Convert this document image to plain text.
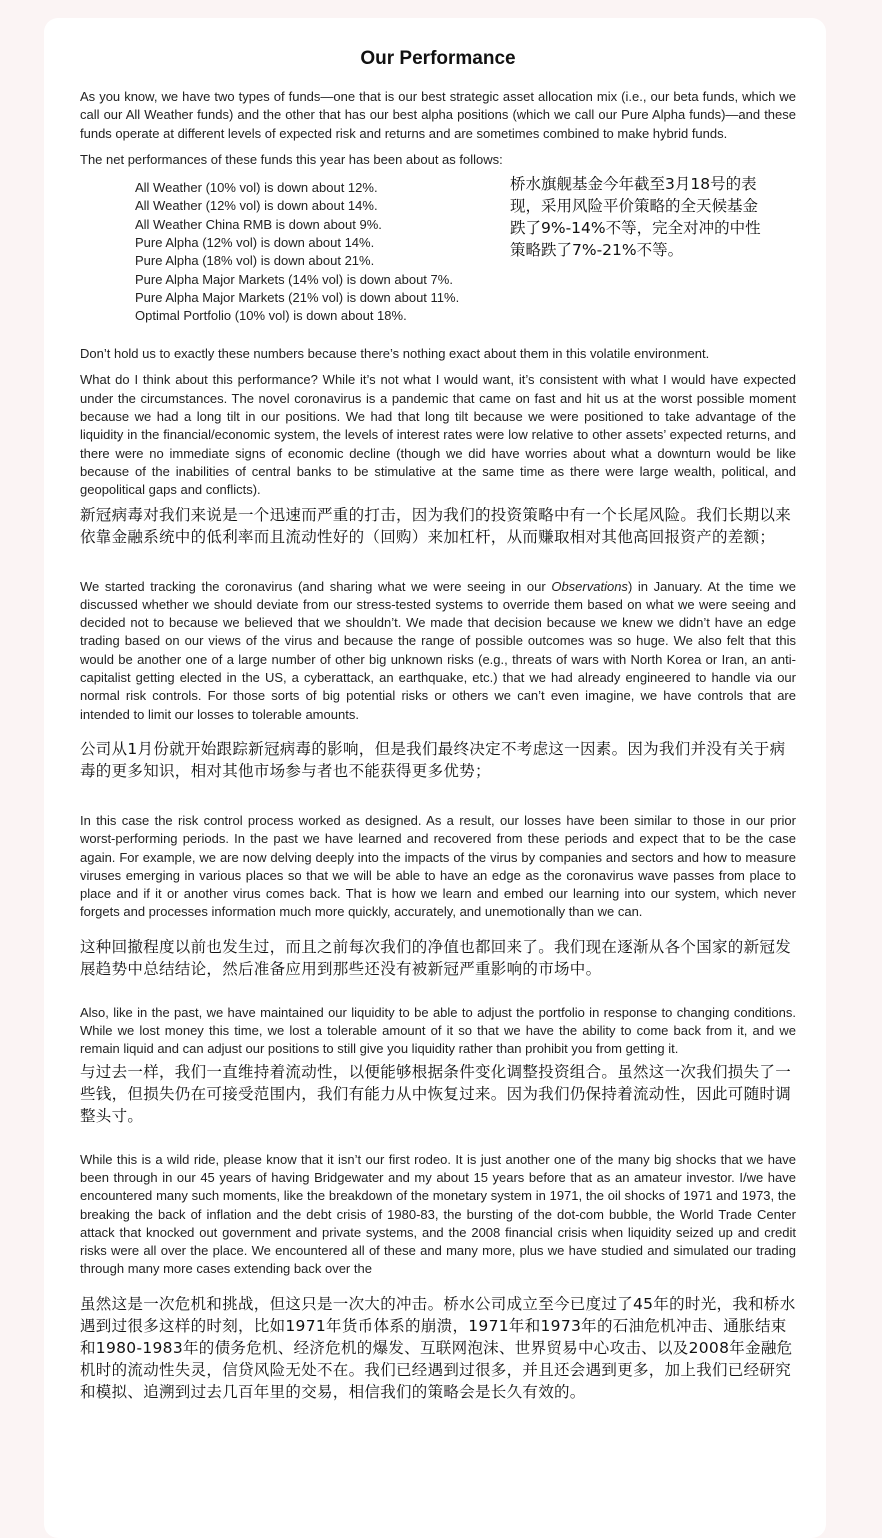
Our Performance

As you know, we have two types of funds—one that is our best strategic asset allocation mix (i.e., our beta funds, which we call our All Weather funds) and the other that has our best alpha positions (which we call our Pure Alpha funds)—and these funds operate at different levels of expected risk and returns and are sometimes combined to make hybrid funds.

The net performances of these funds this year has been about as follows:

All Weather (10% vol) is down about 12%.
All Weather (12% vol) is down about 14%.
All Weather China RMB is down about 9%.
Pure Alpha (12% vol) is down about 14%.
Pure Alpha (18% vol) is down about 21%.
Pure Alpha Major Markets (14% vol) is down about 7%.
Pure Alpha Major Markets (21% vol) is down about 11%.
Optimal Portfolio (10% vol) is down about 18%.
桥水旗舰基金今年截至3月18号的表现，采用风险平价策略的全天候基金跌了9%-14%不等，完全对冲的中性策略跌了7%-21%不等。

Don’t hold us to exactly these numbers because there’s nothing exact about them in this volatile environment.

What do I think about this performance? While it’s not what I would want, it’s consistent with what I would have expected under the circumstances. The novel coronavirus is a pandemic that came on fast and hit us at the worst possible moment because we had a long tilt in our positions. We had that long tilt because we were positioned to take advantage of the liquidity in the financial/economic system, the levels of interest rates were low relative to other assets’ expected returns, and there were no immediate signs of economic decline (though we did have worries about what a downturn would be like because of the inabilities of central banks to be stimulative at the same time as there were large wealth, political, and geopolitical gaps and conflicts).

新冠病毒对我们来说是一个迅速而严重的打击，因为我们的投资策略中有一个长尾风险。我们长期以来依靠金融系统中的低利率而且流动性好的（回购）来加杠杆，从而赚取相对其他高回报资产的差额；

We started tracking the coronavirus (and sharing what we were seeing in our Observations) in January. At the time we discussed whether we should deviate from our stress-tested systems to override them based on what we were seeing and decided not to because we believed that we shouldn’t. We made that decision because we knew we didn’t have an edge trading based on our views of the virus and because the range of possible outcomes was so huge. We also felt that this would be another one of a large number of other big unknown risks (e.g., threats of wars with North Korea or Iran, an anti-capitalist getting elected in the US, a cyberattack, an earthquake, etc.) that we had already engineered to handle via our normal risk controls. For those sorts of big potential risks or others we can’t even imagine, we have controls that are intended to limit our losses to tolerable amounts.

公司从1月份就开始跟踪新冠病毒的影响，但是我们最终决定不考虑这一因素。因为我们并没有关于病毒的更多知识，相对其他市场参与者也不能获得更多优势；

In this case the risk control process worked as designed. As a result, our losses have been similar to those in our prior worst-performing periods. In the past we have learned and recovered from these periods and expect that to be the case again. For example, we are now delving deeply into the impacts of the virus by companies and sectors and how to measure viruses emerging in various places so that we will be able to have an edge as the coronavirus wave passes from place to place and if it or another virus comes back. That is how we learn and embed our learning into our system, which never forgets and processes information much more quickly, accurately, and unemotionally than we can.

这种回撤程度以前也发生过，而且之前每次我们的净值也都回来了。我们现在逐渐从各个国家的新冠发展趋势中总结结论，然后准备应用到那些还没有被新冠严重影响的市场中。

Also, like in the past, we have maintained our liquidity to be able to adjust the portfolio in response to changing conditions. While we lost money this time, we lost a tolerable amount of it so that we have the ability to come back from it, and we remain liquid and can adjust our positions to still give you liquidity rather than prohibit you from getting it.

与过去一样，我们一直维持着流动性，以便能够根据条件变化调整投资组合。虽然这一次我们损失了一些钱，但损失仍在可接受范围内，我们有能力从中恢复过来。因为我们仍保持着流动性，因此可随时调整头寸。

While this is a wild ride, please know that it isn’t our first rodeo. It is just another one of the many big shocks that we have been through in our 45 years of having Bridgewater and my about 15 years before that as an amateur investor. I/we have encountered many such moments, like the breakdown of the monetary system in 1971, the oil shocks of 1971 and 1973, the breaking the back of inflation and the debt crisis of 1980-83, the bursting of the dot-com bubble, the World Trade Center attack that knocked out government and private systems, and the 2008 financial crisis when liquidity seized up and credit risks were all over the place. We encountered all of these and many more, plus we have studied and simulated our trading through many more cases extending back over the

虽然这是一次危机和挑战，但这只是一次大的冲击。桥水公司成立至今已度过了45年的时光，我和桥水遇到过很多这样的时刻，比如1971年货币体系的崩溃，1971年和1973年的石油危机冲击、通胀结束和1980-1983年的债务危机、经济危机的爆发、互联网泡沫、世界贸易中心攻击、以及2008年金融危机时的流动性失灵，信贷风险无处不在。我们已经遇到过很多，并且还会遇到更多，加上我们已经研究和模拟、追溯到过去几百年里的交易，相信我们的策略会是长久有效的。
